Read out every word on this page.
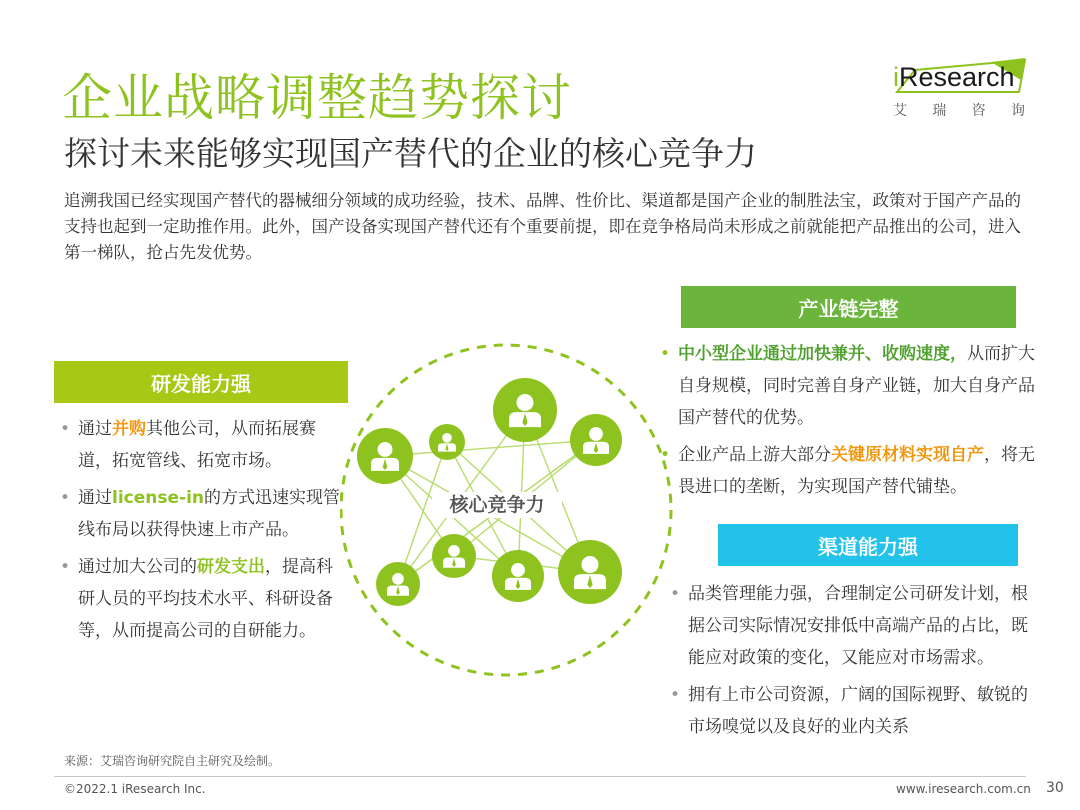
企业战略调整趋势探讨
探讨未来能够实现国产替代的企业的核心竞争力
iResearch
艾 瑞 咨 询
追溯我国已经实现国产替代的器械细分领域的成功经验，技术、品牌、性价比、渠道都是国产企业的制胜法宝，政策对于国产产品的支持也起到一定助推作用。此外，国产设备实现国产替代还有个重要前提，即在竞争格局尚未形成之前就能把产品推出的公司，进入第一梯队，抢占先发优势。
研发能力强
• 通过并购其他公司，从而拓展赛道，拓宽管线、拓宽市场。
• 通过license-in的方式迅速实现管线布局以获得快速上市产品。
• 通过加大公司的研发支出，提高科研人员的平均技术水平、科研设备等，从而提高公司的自研能力。
产业链完整
• 中小型企业通过加快兼并、收购速度，从而扩大自身规模，同时完善自身产业链，加大自身产品国产替代的优势。
• 企业产品上游大部分关键原材料实现自产，将无畏进口的垄断，为实现国产替代铺垫。
渠道能力强
• 品类管理能力强，合理制定公司研发计划，根据公司实际情况安排低中高端产品的占比，既能应对政策的变化，又能应对市场需求。
• 拥有上市公司资源，广阔的国际视野、敏锐的市场嗅觉以及良好的业内关系
核心竞争力
来源：艾瑞咨询研究院自主研究及绘制。
©2022.1 iResearch Inc.	www.iresearch.com.cn 30
